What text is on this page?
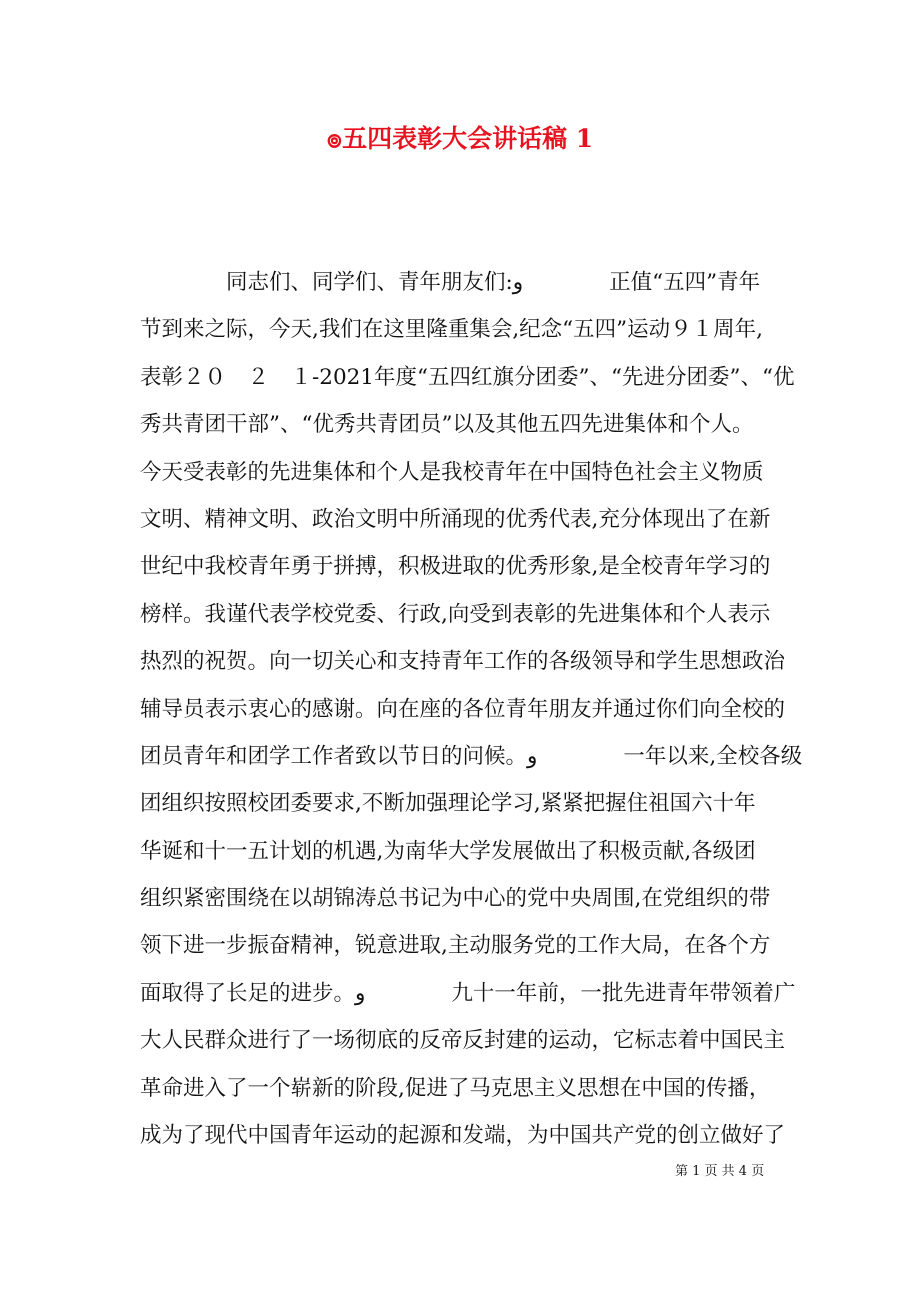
๏五四表彰大会讲话稿 1
　　　　同志们、同学们、青年朋友们:و　　　　正值“五四”青年
节到来之际，今天,我们在这里隆重集会,纪念“五四”运动９１周年,
表彰２０　２　１-2021年度“五四红旗分团委”、“先进分团委”、“优
秀共青团干部”、“优秀共青团员”以及其他五四先进集体和个人。
今天受表彰的先进集体和个人是我校青年在中国特色社会主义物质
文明、精神文明、政治文明中所涌现的优秀代表,充分体现出了在新
世纪中我校青年勇于拼搏，积极进取的优秀形象,是全校青年学习的
榜样。我谨代表学校党委、行政,向受到表彰的先进集体和个人表示
热烈的祝贺。向一切关心和支持青年工作的各级领导和学生思想政治
辅导员表示衷心的感谢。向在座的各位青年朋友并通过你们向全校的
团员青年和团学工作者致以节日的问候。و　　　　一年以来,全校各级
团组织按照校团委要求,不断加强理论学习,紧紧把握住祖国六十年
华诞和十一五计划的机遇,为南华大学发展做出了积极贡献,各级团
组织紧密围绕在以胡锦涛总书记为中心的党中央周围,在党组织的带
领下进一步振奋精神，锐意进取,主动服务党的工作大局，在各个方
面取得了长足的进步。و　　　　九十一年前，一批先进青年带领着广
大人民群众进行了一场彻底的反帝反封建的运动，它标志着中国民主
革命进入了一个崭新的阶段,促进了马克思主义思想在中国的传播，
成为了现代中国青年运动的起源和发端，为中国共产党的创立做好了
第 1 页 共 4 页
